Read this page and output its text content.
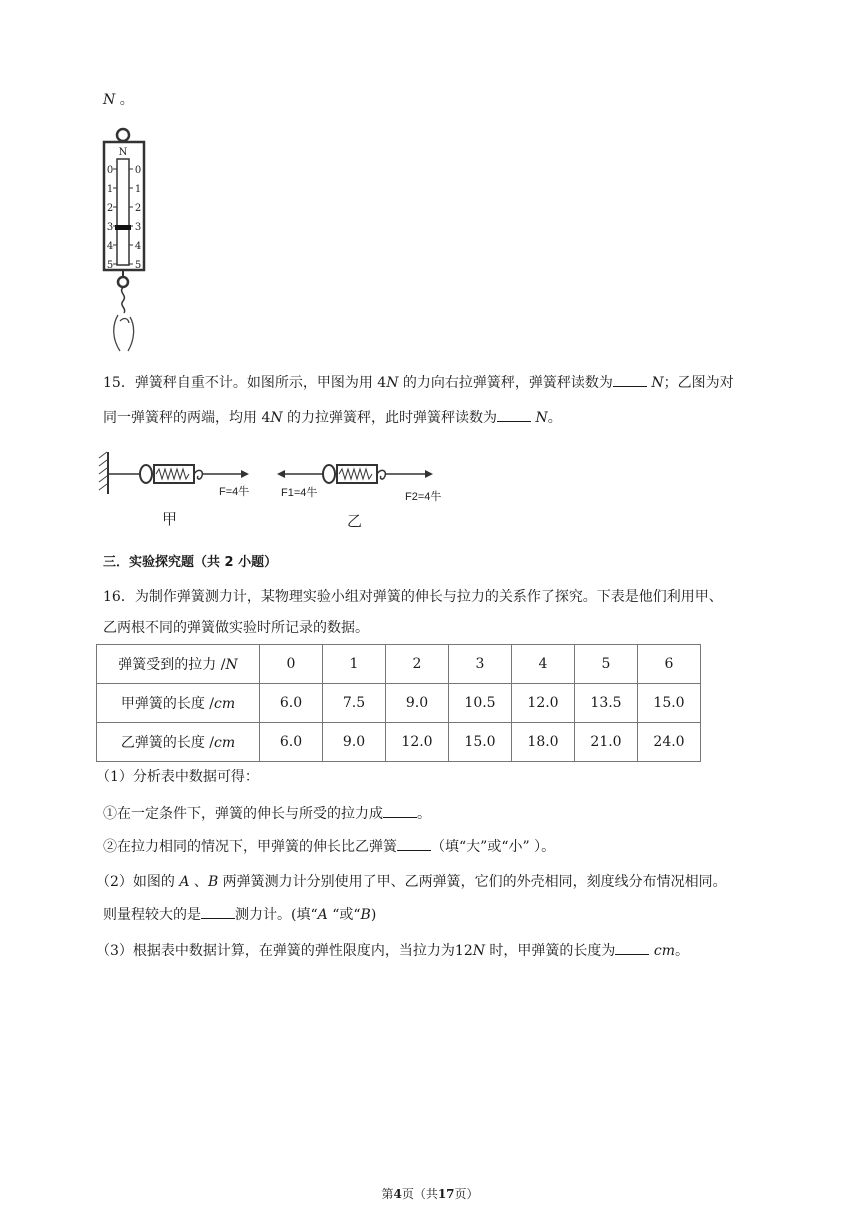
N 。
N
0
1
2
3
4
5
0
1
2
3
4
5
15．弹簧秤自重不计。如图所示，甲图为用 4N 的力向右拉弹簧秤，弹簧秤读数为	N；乙图为对
同一弹簧秤的两端，均用 4N 的力拉弹簧秤，此时弹簧秤读数为	N。
F=4牛
甲
F1=4牛	F2=4牛
乙
三．实验探究题（共 2 小题）
16．为制作弹簧测力计，某物理实验小组对弹簧的伸长与拉力的关系作了探究。下表是他们利用甲、
乙两根不同的弹簧做实验时所记录的数据。
弹簧受到的拉力 /N	0	1	2	3	4	5	6
甲弹簧的长度 /cm	6.0	7.5	9.0	10.5	12.0	13.5	15.0
乙弹簧的长度 /cm	6.0	9.0	12.0	15.0	18.0	21.0	24.0
（1）分析表中数据可得：
①在一定条件下，弹簧的伸长与所受的拉力成 。
②在拉力相同的情况下，甲弹簧的伸长比乙弹簧 （填“大”或“小” ）。
（2）如图的 A 、B 两弹簧测力计分别使用了甲、乙两弹簧，它们的外壳相同，刻度线分布情况相同。
则量程较大的是 测力计。(填“A “或“B)
（3）根据表中数据计算，在弹簧的弹性限度内，当拉力为12N 时，甲弹簧的长度为	cm。
第4页（共17页）
